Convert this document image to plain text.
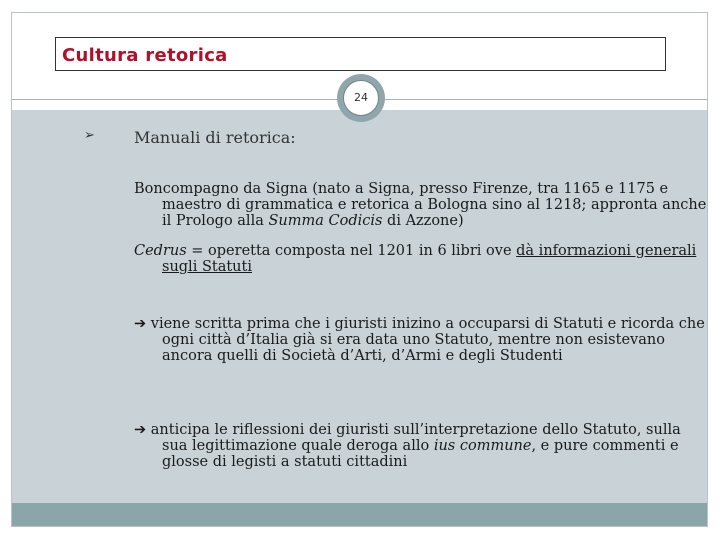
Cultura retorica
24
➢ Manuali di retorica:
Boncompagno da Signa (nato a Signa, presso Firenze, tra 1165 e 1175 e maestro di grammatica e retorica a Bologna sino al 1218; approntа anche il Prologo alla Summa Codicis di Azzone)
Cedrus = operetta composta nel 1201 in 6 libri ove dà informazioni generali sugli Statuti
➔ viene scritta prima che i giuristi inizino a occuparsi di Statuti e ricorda che ogni città d’Italia già si era data uno Statuto, mentre non esistevano ancora quelli di Società d’Arti, d’Armi e degli Studenti
➔ anticipa le riflessioni dei giuristi sull’interpretazione dello Statuto, sulla sua legittimazione quale deroga allo ius commune, e pure commenti e glosse di legisti a statuti cittadini
